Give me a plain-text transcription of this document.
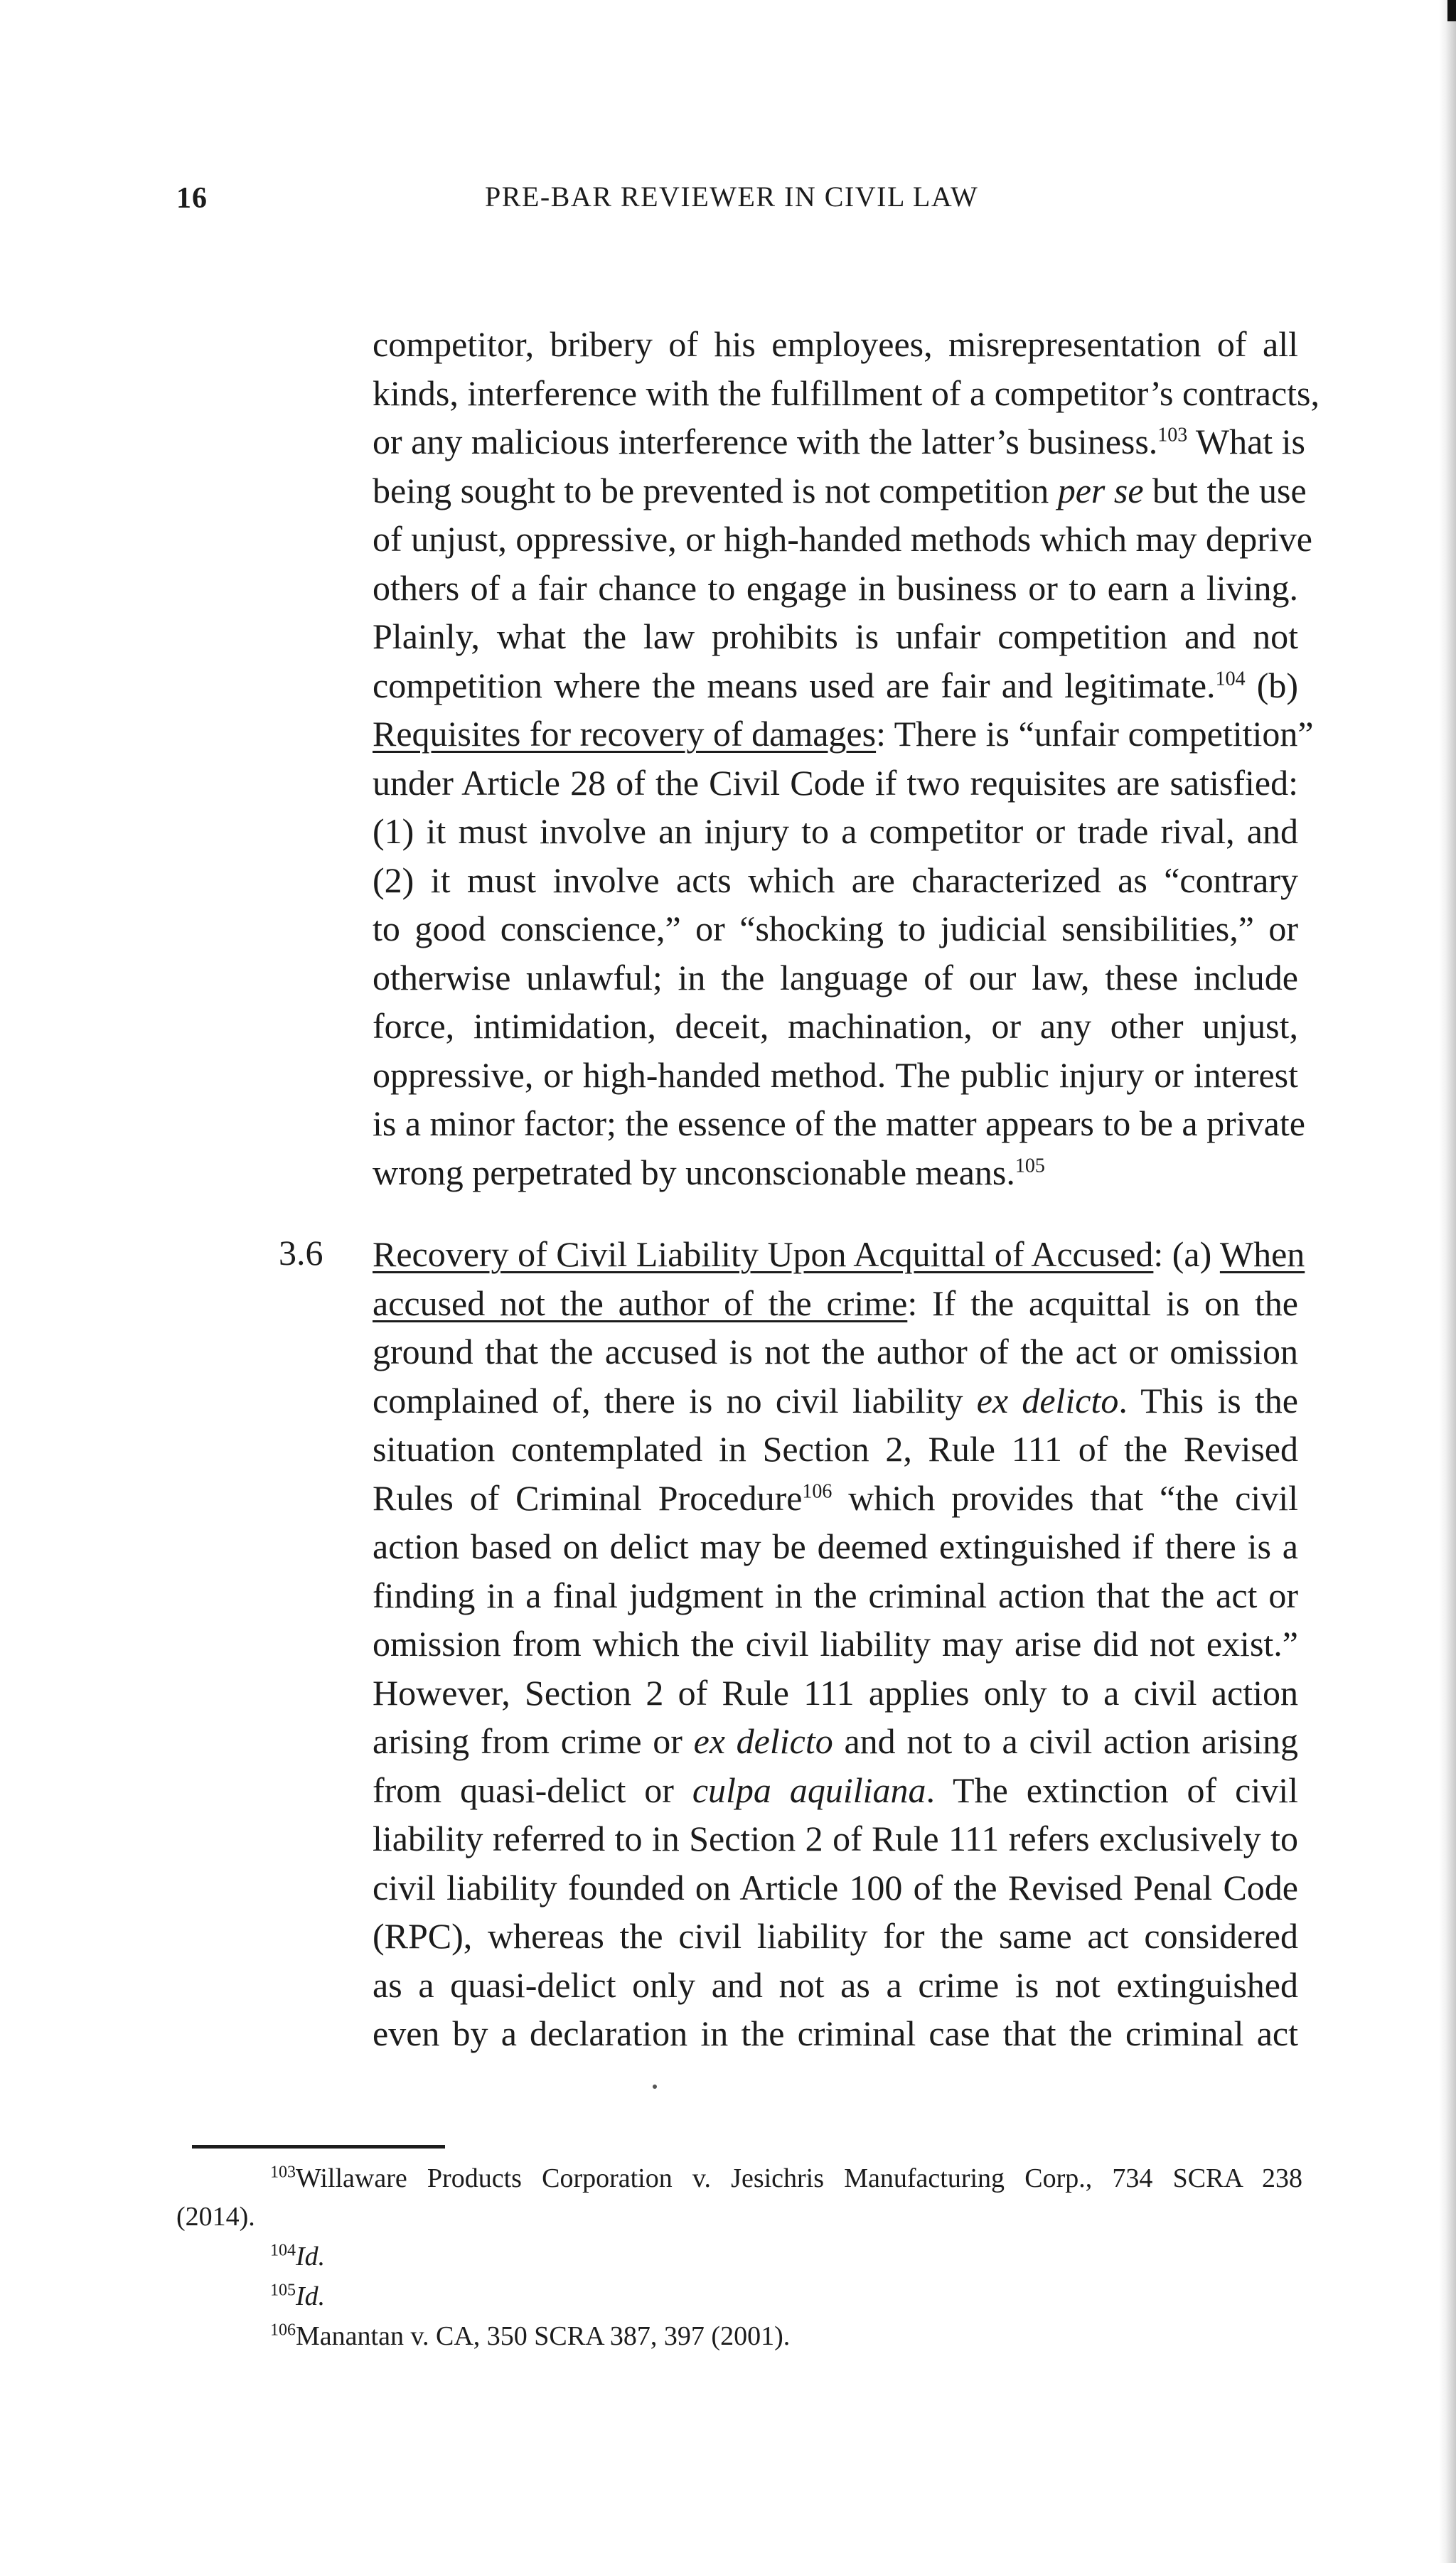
16	PRE-BAR REVIEWER IN CIVIL LAW
competitor, bribery of his employees, misrepresentation of all
kinds, interference with the fulfillment of a competitor’s contracts,
or any malicious interference with the latter’s business.$^{103}$ What is
being sought to be prevented is not competition per se but the use
of unjust, oppressive, or high-handed methods which may deprive
others of a fair chance to engage in business or to earn a living.
Plainly, what the law prohibits is unfair competition and not
competition where the means used are fair and legitimate.$^{104}$ (b)
Requisites for recovery of damages: There is “unfair competition”
under Article 28 of the Civil Code if two requisites are satisfied:
(1) it must involve an injury to a competitor or trade rival, and
(2) it must involve acts which are characterized as “contrary
to good conscience,” or “shocking to judicial sensibilities,” or
otherwise unlawful; in the language of our law, these include
force, intimidation, deceit, machination, or any other unjust,
oppressive, or high-handed method. The public injury or interest
is a minor factor; the essence of the matter appears to be a private
wrong perpetrated by unconscionable means.$^{105}$
3.6 Recovery of Civil Liability Upon Acquittal of Accused: (a) When
accused not the author of the crime: If the acquittal is on the
ground that the accused is not the author of the act or omission
complained of, there is no civil liability ex delicto. This is the
situation contemplated in Section 2, Rule 111 of the Revised
Rules of Criminal Procedure$^{106}$ which provides that “the civil
action based on delict may be deemed extinguished if there is a
finding in a final judgment in the criminal action that the act or
omission from which the civil liability may arise did not exist.”
However, Section 2 of Rule 111 applies only to a civil action
arising from crime or ex delicto and not to a civil action arising
from quasi-delict or culpa aquiliana. The extinction of civil
liability referred to in Section 2 of Rule 111 refers exclusively to
civil liability founded on Article 100 of the Revised Penal Code
(RPC), whereas the civil liability for the same act considered
as a quasi-delict only and not as a crime is not extinguished
even by a declaration in the criminal case that the criminal act
$^{103}$Willaware Products Corporation v. Jesichris Manufacturing Corp., 734 SCRA 238
(2014).
$^{104}$Id.
$^{105}$Id.
$^{106}$Manantan v. CA, 350 SCRA 387, 397 (2001).
